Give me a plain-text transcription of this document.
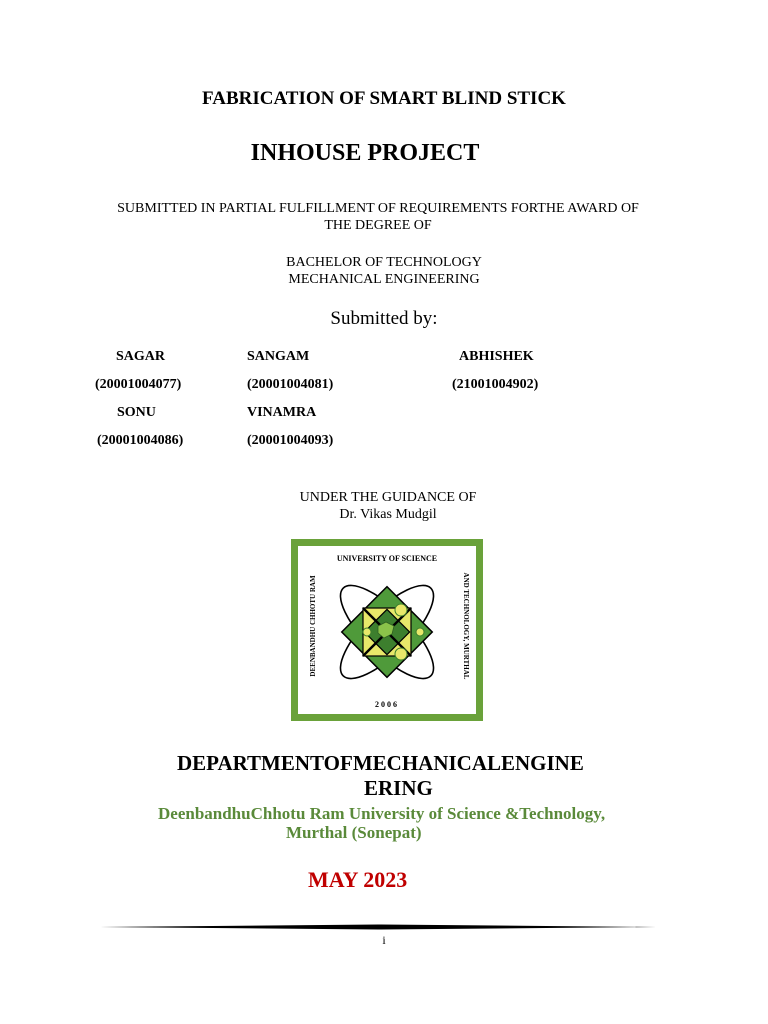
FABRICATION OF SMART BLIND STICK
INHOUSE PROJECT
SUBMITTED IN PARTIAL FULFILLMENT OF REQUIREMENTS FORTHE AWARD OF
THE DEGREE OF
BACHELOR OF TECHNOLOGY
MECHANICAL ENGINEERING
Submitted by:
SAGAR
(20001004077)
SANGAM
(20001004081)
ABHISHEK
(21001004902)
SONU
(20001004086)
VINAMRA
(20001004093)
UNDER THE GUIDANCE OF
Dr. Vikas Mudgil
UNIVERSITY OF SCIENCE
DEENBANDHU CHHOTU RAM	AND TECHNOLOGY, MURTHAL
2006
DEPARTMENTOFMECHANICALENGINE
ERING
DeenbandhuChhotu Ram University of Science &Technology,
Murthal (Sonepat)
MAY 2023
i
